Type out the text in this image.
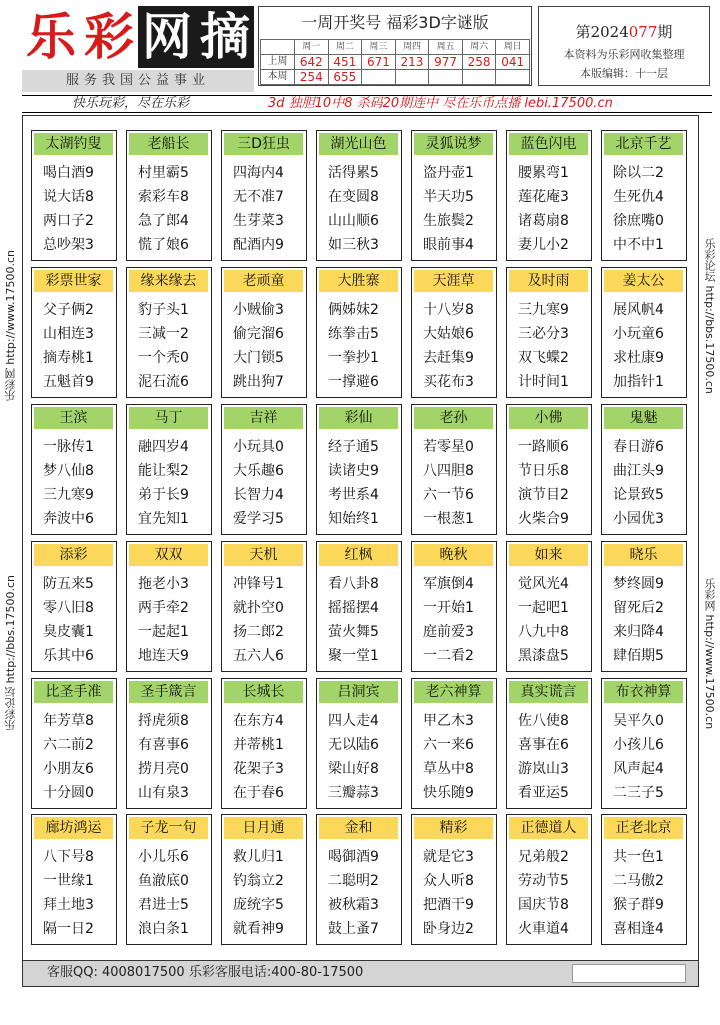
乐 彩 网 摘
服务我国公益事业
一周开奖号 福彩3D字谜版
	周一	周二	周三	周四	周五	周六	周日
上周	642	451	671	213	977	258	041
本周	254	655					
第2024077期
本资料为乐彩网收集整理
本版编辑：十一层
快乐玩彩，尽在乐彩	3d 独胆10中8 杀码20期连中 尽在乐币点播 lebi.17500.cn
乐彩网 http://www.17500.cn
乐彩论坛 http://bbs.17500.cn
乐彩论坛 http://bbs.17500.cn
乐彩网 http://www.17500.cn
太湖钓叟
喝白酒9
说大话8
两口子2
总吵架3
老船长
村里霸5
索彩车8
急了郎4
慌了娘6
三D狂虫
四海内4
无不准7
生芽菜3
配酒内9
湖光山色
活得累5
在变圆8
山山顺6
如三秋3
灵狐说梦
盗丹壶1
半天功5
生旅鬓2
眼前事4
蓝色闪电
腰累弯1
莲花庵3
诸葛扇8
妻儿小2
北京千艺
除以二2
生死仇4
徐庶嘴0
中不中1
彩票世家
父子俩2
山相连3
摘寿桃1
五魁首9
缘来缘去
豹子头1
三减一2
一个秃0
泥石流6
老顽童
小贼偷3
偷完溜6
大门锁5
跳出狗7
大胜寨
俩姊妹2
练拳击5
一拳抄1
一撑避6
天涯草
十八岁8
大姑娘6
去赶集9
买花布3
及时雨
三九寒9
三必分3
双飞蝶2
计时间1
姜太公
展风帆4
小玩童6
求杜康9
加指针1
王滨
一脉传1
梦八仙8
三九寒9
奔波中6
马丁
融四岁4
能让梨2
弟于长9
宜先知1
吉祥
小玩具0
大乐趣6
长智力4
爱学习5
彩仙
经子通5
读诸史9
考世系4
知始终1
老孙
若零星0
八四胆8
六一节6
一根葱1
小佛
一路顺6
节日乐8
演节目2
火柴合9
鬼魅
春日游6
曲江头9
论景致5
小园优3
添彩
防五来5
零八旧8
臭皮囊1
乐其中6
双双
拖老小3
两手牵2
一起起1
地连天9
天机
冲锋号1
就扑空0
扬二郎2
五六人6
红枫
看八卦8
摇摇摆4
萤火舞5
聚一堂1
晚秋
军旗倒4
一开始1
庭前爱3
一二看2
如来
觉风光4
一起吧1
八九中8
黑漆盘5
晓乐
梦终圆9
留死后2
来归降4
肆佰期5
比圣手准
年芳草8
六二前2
小朋友6
十分圆0
圣手箴言
捋虎须8
有喜事6
捞月亮0
山有泉3
长城长
在东方4
并蒂桃1
花架子3
在于春6
吕洞宾
四人走4
无以陆6
梁山好8
三瓣蒜3
老六神算
甲乙木3
六一来6
草丛中8
快乐随9
真实谎言
佐八使8
喜事在6
游岚山3
看亚运5
布衣神算
吴平久0
小孩儿6
风声起4
二三子5
廊坊鸿运
八下号8
一世缘1
拜土地3
隔一日2
子龙一句
小儿乐6
鱼澈底0
君进士5
浪白条1
日月通
救儿归1
钓翁立2
庞统字5
就看神9
金和
喝御酒9
二聪明2
被秋霜3
鼓上蚤7
精彩
就是它3
众人听8
把酒干9
卧身边2
正德道人
兄弟般2
劳动节5
国庆节8
火車道4
正老北京
共一色1
二马傲2
猴子群9
喜相逢4
客服QQ: 4008017500 乐彩客服电话:400-80-17500
